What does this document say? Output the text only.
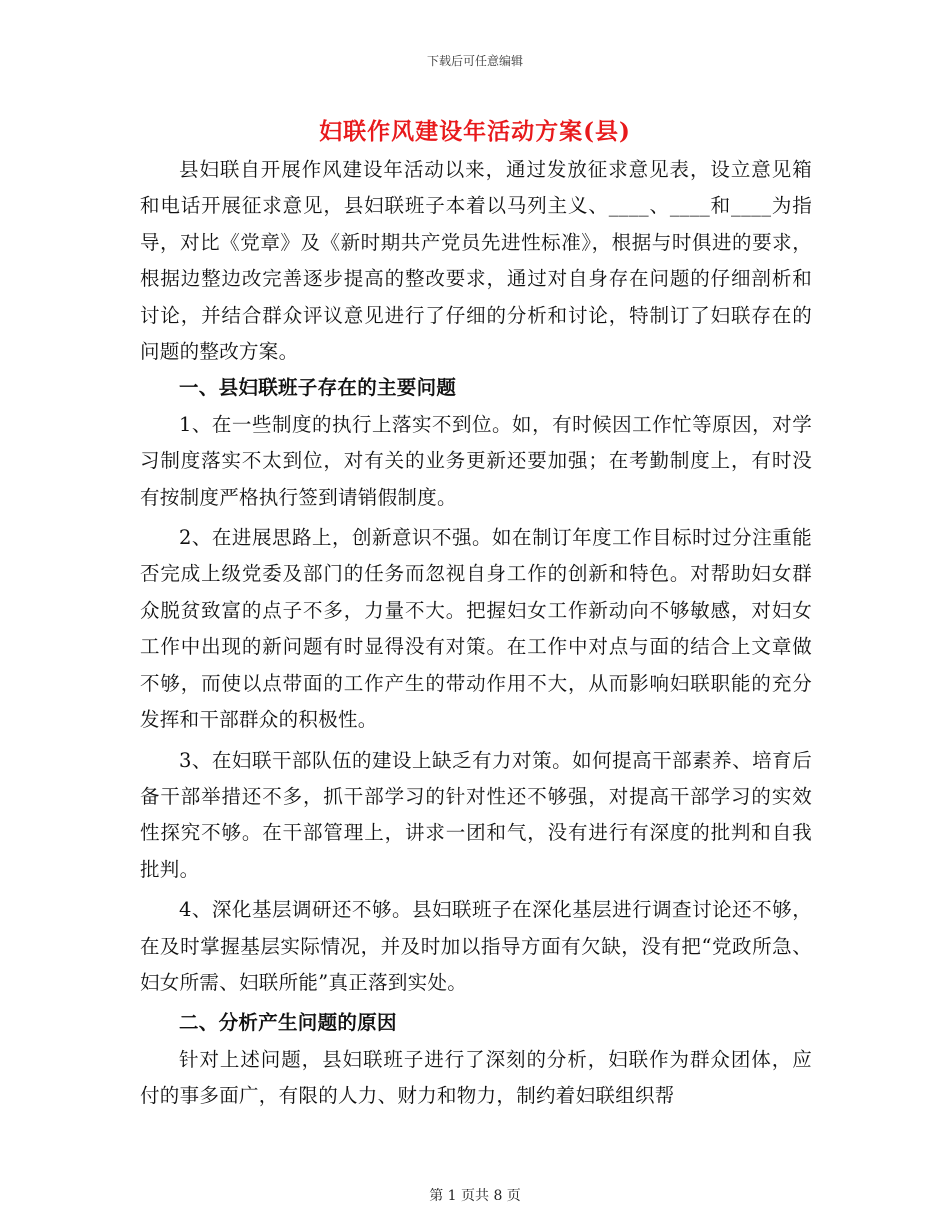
下载后可任意编辑
妇联作风建设年活动方案(县)

县妇联自开展作风建设年活动以来，通过发放征求意见表，设立意见箱和电话开展征求意见，县妇联班子本着以马列主义、____、____和____为指导，对比《党章》及《新时期共产党员先进性标准》，根据与时俱进的要求，根据边整边改完善逐步提高的整改要求，通过对自身存在问题的仔细剖析和讨论，并结合群众评议意见进行了仔细的分析和讨论，特制订了妇联存在的问题的整改方案。

一、县妇联班子存在的主要问题

1、在一些制度的执行上落实不到位。如，有时候因工作忙等原因，对学习制度落实不太到位，对有关的业务更新还要加强；在考勤制度上，有时没有按制度严格执行签到请销假制度。

2、在进展思路上，创新意识不强。如在制订年度工作目标时过分注重能否完成上级党委及部门的任务而忽视自身工作的创新和特色。对帮助妇女群众脱贫致富的点子不多，力量不大。把握妇女工作新动向不够敏感，对妇女工作中出现的新问题有时显得没有对策。在工作中对点与面的结合上文章做不够，而使以点带面的工作产生的带动作用不大，从而影响妇联职能的充分发挥和干部群众的积极性。

3、在妇联干部队伍的建设上缺乏有力对策。如何提高干部素养、培育后备干部举措还不多，抓干部学习的针对性还不够强，对提高干部学习的实效性探究不够。在干部管理上，讲求一团和气，没有进行有深度的批判和自我批判。

4、深化基层调研还不够。县妇联班子在深化基层进行调查讨论还不够，在及时掌握基层实际情况，并及时加以指导方面有欠缺，没有把“党政所急、妇女所需、妇联所能”真正落到实处。

二、分析产生问题的原因

针对上述问题，县妇联班子进行了深刻的分析，妇联作为群众团体，应付的事多面广，有限的人力、财力和物力，制约着妇联组织帮

第 1 页共 8 页
